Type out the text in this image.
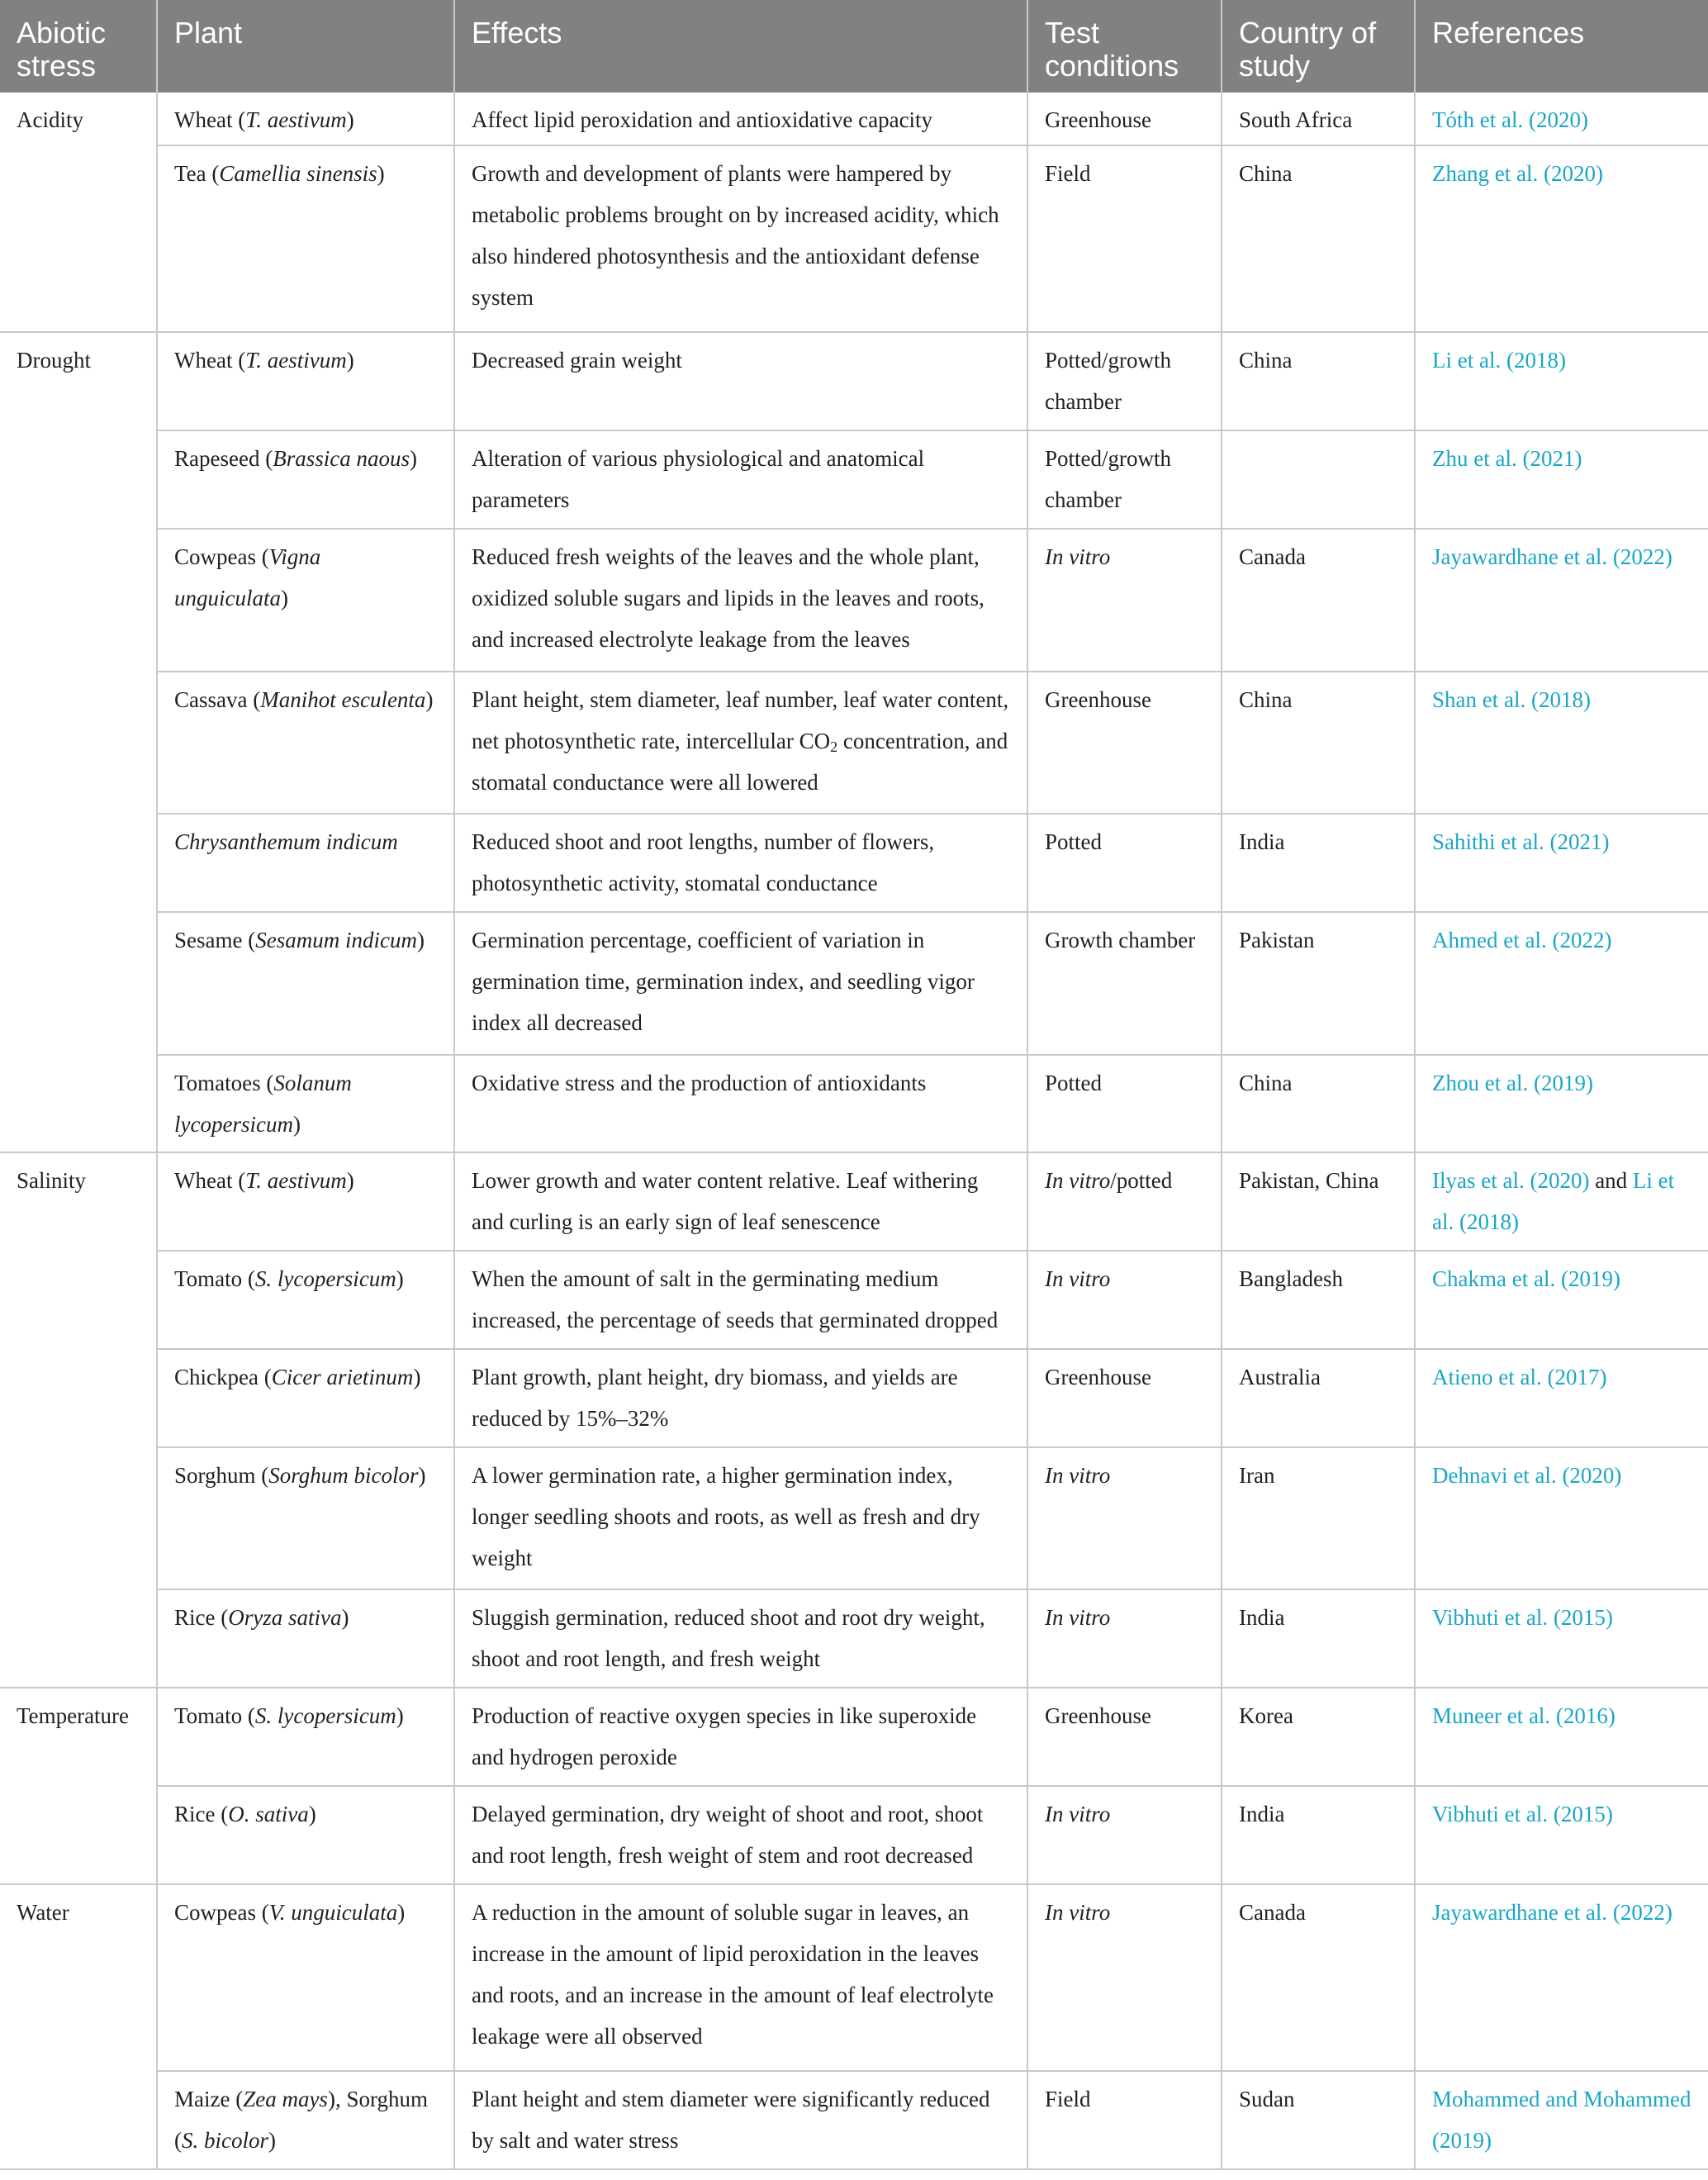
Abiotic stress	Plant	Effects	Test conditions	Country of study	References
Acidity	Wheat (T. aestivum)	Affect lipid peroxidation and antioxidative capacity	Greenhouse	South Africa	Tóth et al. (2020)
	Tea (Camellia sinensis)	Growth and development of plants were hampered by metabolic problems brought on by increased acidity, which also hindered photosynthesis and the antioxidant defense system	Field	China	Zhang et al. (2020)
Drought	Wheat (T. aestivum)	Decreased grain weight	Potted/growth chamber	China	Li et al. (2018)
	Rapeseed (Brassica naous)	Alteration of various physiological and anatomical parameters	Potted/growth chamber		Zhu et al. (2021)
	Cowpeas (Vigna unguiculata)	Reduced fresh weights of the leaves and the whole plant, oxidized soluble sugars and lipids in the leaves and roots, and increased electrolyte leakage from the leaves	In vitro	Canada	Jayawardhane et al. (2022)
	Cassava (Manihot esculenta)	Plant height, stem diameter, leaf number, leaf water content, net photosynthetic rate, intercellular $CO_2$ concentration, and stomatal conductance were all lowered	Greenhouse	China	Shan et al. (2018)
	Chrysanthemum indicum	Reduced shoot and root lengths, number of flowers, photosynthetic activity, stomatal conductance	Potted	India	Sahithi et al. (2021)
	Sesame (Sesamum indicum)	Germination percentage, coefficient of variation in germination time, germination index, and seedling vigor index all decreased	Growth chamber	Pakistan	Ahmed et al. (2022)
	Tomatoes (Solanum lycopersicum)	Oxidative stress and the production of antioxidants	Potted	China	Zhou et al. (2019)
Salinity	Wheat (T. aestivum)	Lower growth and water content relative. Leaf withering and curling is an early sign of leaf senescence	In vitro/potted	Pakistan, China	Ilyas et al. (2020) and Li et al. (2018)
	Tomato (S. lycopersicum)	When the amount of salt in the germinating medium increased, the percentage of seeds that germinated dropped	In vitro	Bangladesh	Chakma et al. (2019)
	Chickpea (Cicer arietinum)	Plant growth, plant height, dry biomass, and yields are reduced by 15%–32%	Greenhouse	Australia	Atieno et al. (2017)
	Sorghum (Sorghum bicolor)	A lower germination rate, a higher germination index, longer seedling shoots and roots, as well as fresh and dry weight	In vitro	Iran	Dehnavi et al. (2020)
	Rice (Oryza sativa)	Sluggish germination, reduced shoot and root dry weight, shoot and root length, and fresh weight	In vitro	India	Vibhuti et al. (2015)
Temperature	Tomato (S. lycopersicum)	Production of reactive oxygen species in like superoxide and hydrogen peroxide	Greenhouse	Korea	Muneer et al. (2016)
	Rice (O. sativa)	Delayed germination, dry weight of shoot and root, shoot and root length, fresh weight of stem and root decreased	In vitro	India	Vibhuti et al. (2015)
Water	Cowpeas (V. unguiculata)	A reduction in the amount of soluble sugar in leaves, an increase in the amount of lipid peroxidation in the leaves and roots, and an increase in the amount of leaf electrolyte leakage were all observed	In vitro	Canada	Jayawardhane et al. (2022)
	Maize (Zea mays), Sorghum (S. bicolor)	Plant height and stem diameter were significantly reduced by salt and water stress	Field	Sudan	Mohammed and Mohammed (2019)
